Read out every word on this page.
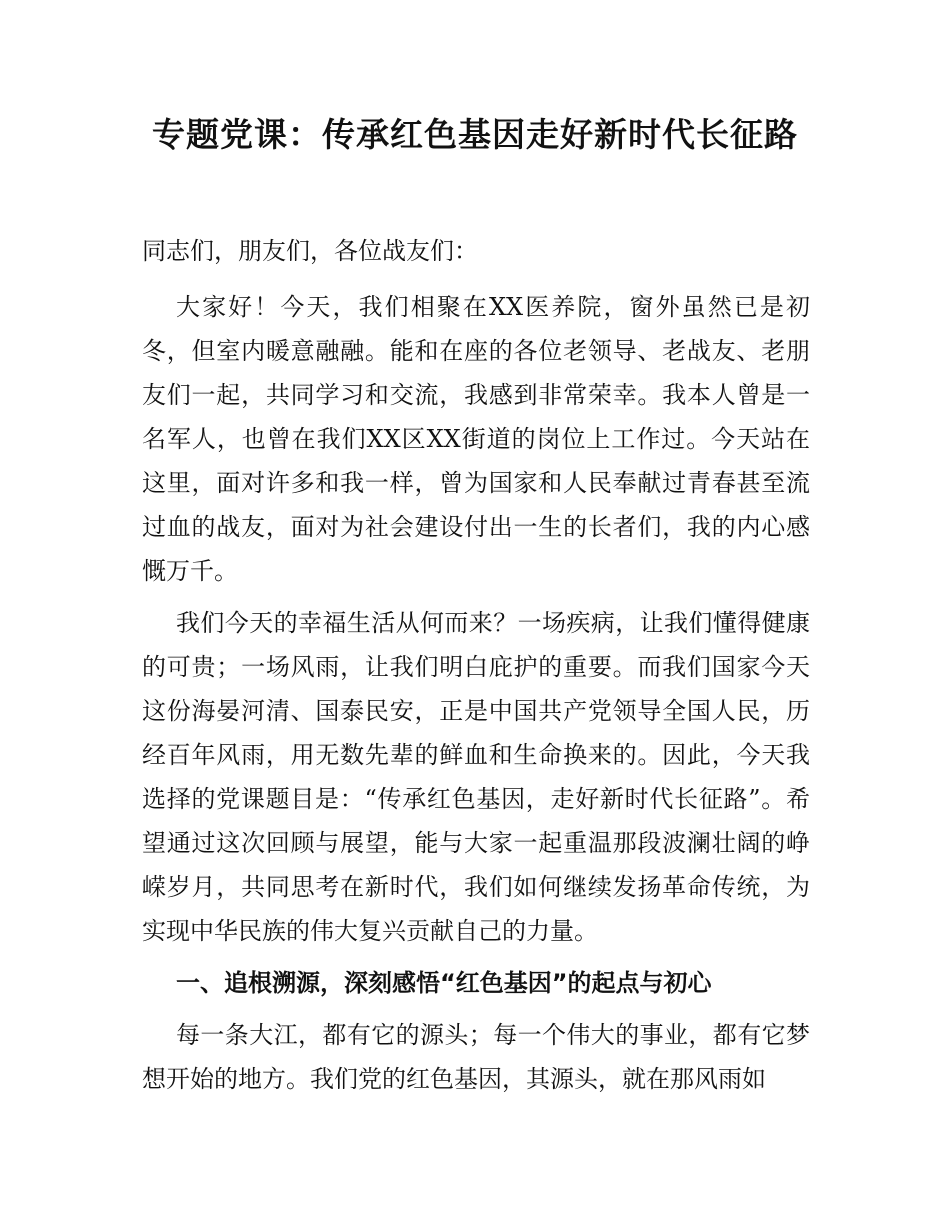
专题党课：传承红色基因走好新时代长征路

同志们，朋友们，各位战友们：

大家好！今天，我们相聚在XX医养院，窗外虽然已是初冬，但室内暖意融融。能和在座的各位老领导、老战友、老朋友们一起，共同学习和交流，我感到非常荣幸。我本人曾是一名军人，也曾在我们XX区XX街道的岗位上工作过。今天站在这里，面对许多和我一样，曾为国家和人民奉献过青春甚至流过血的战友，面对为社会建设付出一生的长者们，我的内心感慨万千。

我们今天的幸福生活从何而来？一场疾病，让我们懂得健康的可贵；一场风雨，让我们明白庇护的重要。而我们国家今天这份海晏河清、国泰民安，正是中国共产党领导全国人民，历经百年风雨，用无数先辈的鲜血和生命换来的。因此，今天我选择的党课题目是：“传承红色基因，走好新时代长征路”。希望通过这次回顾与展望，能与大家一起重温那段波澜壮阔的峥嵘岁月，共同思考在新时代，我们如何继续发扬革命传统，为实现中华民族的伟大复兴贡献自己的力量。

一、追根溯源，深刻感悟“红色基因”的起点与初心

每一条大江，都有它的源头；每一个伟大的事业，都有它梦想开始的地方。我们党的红色基因，其源头，就在那风雨如
